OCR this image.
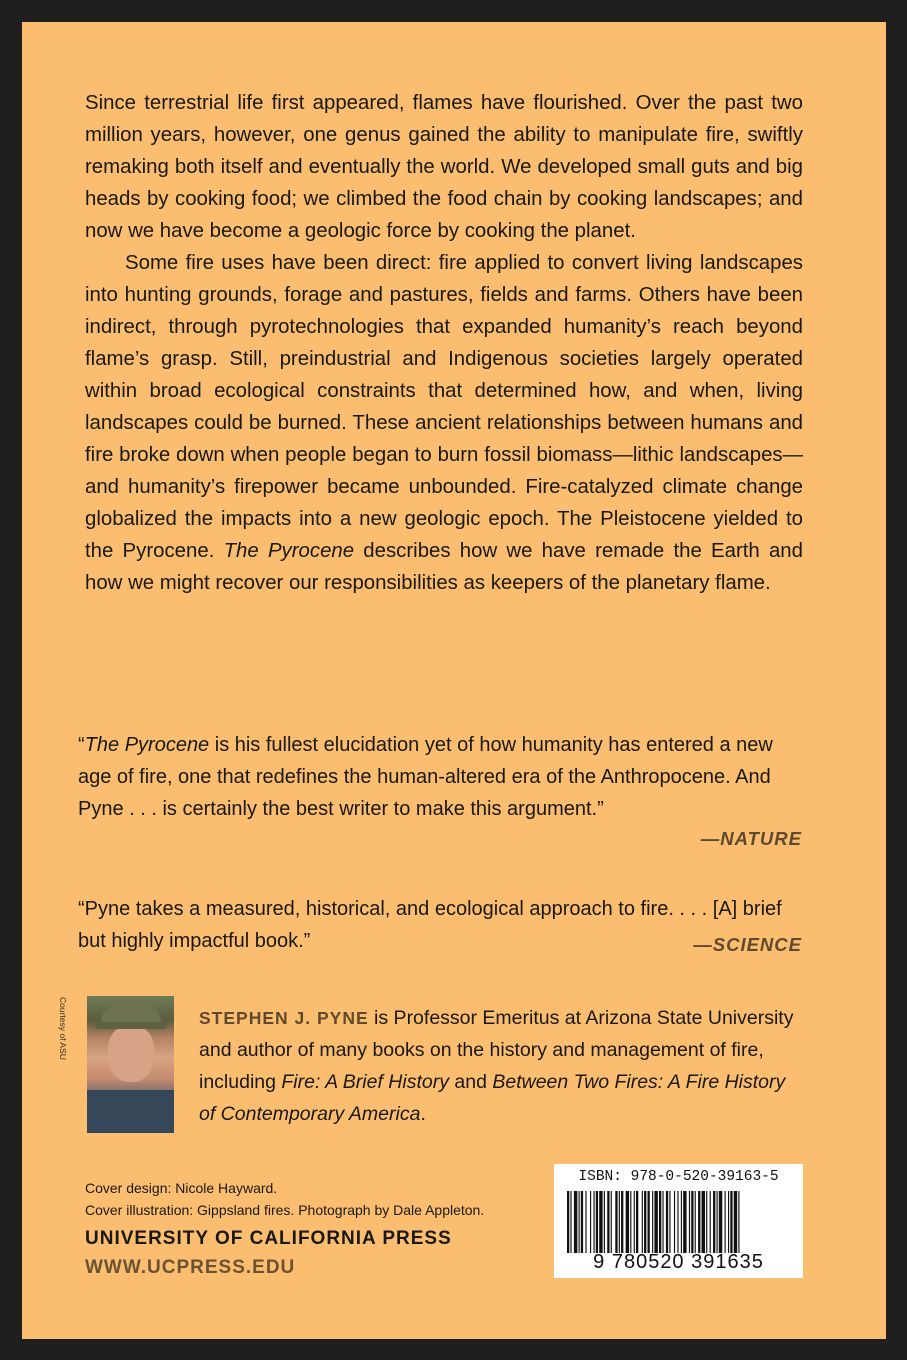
Since terrestrial life first appeared, flames have flourished. Over the past two million years, however, one genus gained the ability to manipulate fire, swiftly remaking both itself and eventually the world. We developed small guts and big heads by cooking food; we climbed the food chain by cooking landscapes; and now we have become a geologic force by cooking the planet.

Some fire uses have been direct: fire applied to convert living landscapes into hunting grounds, forage and pastures, fields and farms. Others have been indirect, through pyrotechnologies that expanded humanity’s reach beyond flame’s grasp. Still, preindustrial and Indigenous societies largely operated within broad ecological constraints that determined how, and when, living landscapes could be burned. These ancient relationships between humans and fire broke down when people began to burn fossil biomass—lithic landscapes—and humanity’s firepower became unbounded. Fire-catalyzed climate change globalized the impacts into a new geologic epoch. The Pleistocene yielded to the Pyrocene. The Pyrocene describes how we have remade the Earth and how we might recover our responsibilities as keepers of the planetary flame.

“The Pyrocene is his fullest elucidation yet of how humanity has entered a new age of fire, one that redefines the human-altered era of the Anthropocene. And Pyne . . . is certainly the best writer to make this argument.”

—NATURE

“Pyne takes a measured, historical, and ecological approach to fire. . . . [A] brief but highly impactful book.”	—SCIENCE
Courtesy of ASU	STEPHEN J. PYNE is Professor Emeritus at Arizona State University and author of many books on the history and management of fire, including Fire: A Brief History and Between Two Fires: A Fire History of Contemporary America.
Cover design: Nicole Hayward.
Cover illustration: Gippsland fires. Photograph by Dale Appleton.
UNIVERSITY OF CALIFORNIA PRESS
WWW.UCPRESS.EDU
ISBN: 978-0-520-39163-5
9 780520 391635
